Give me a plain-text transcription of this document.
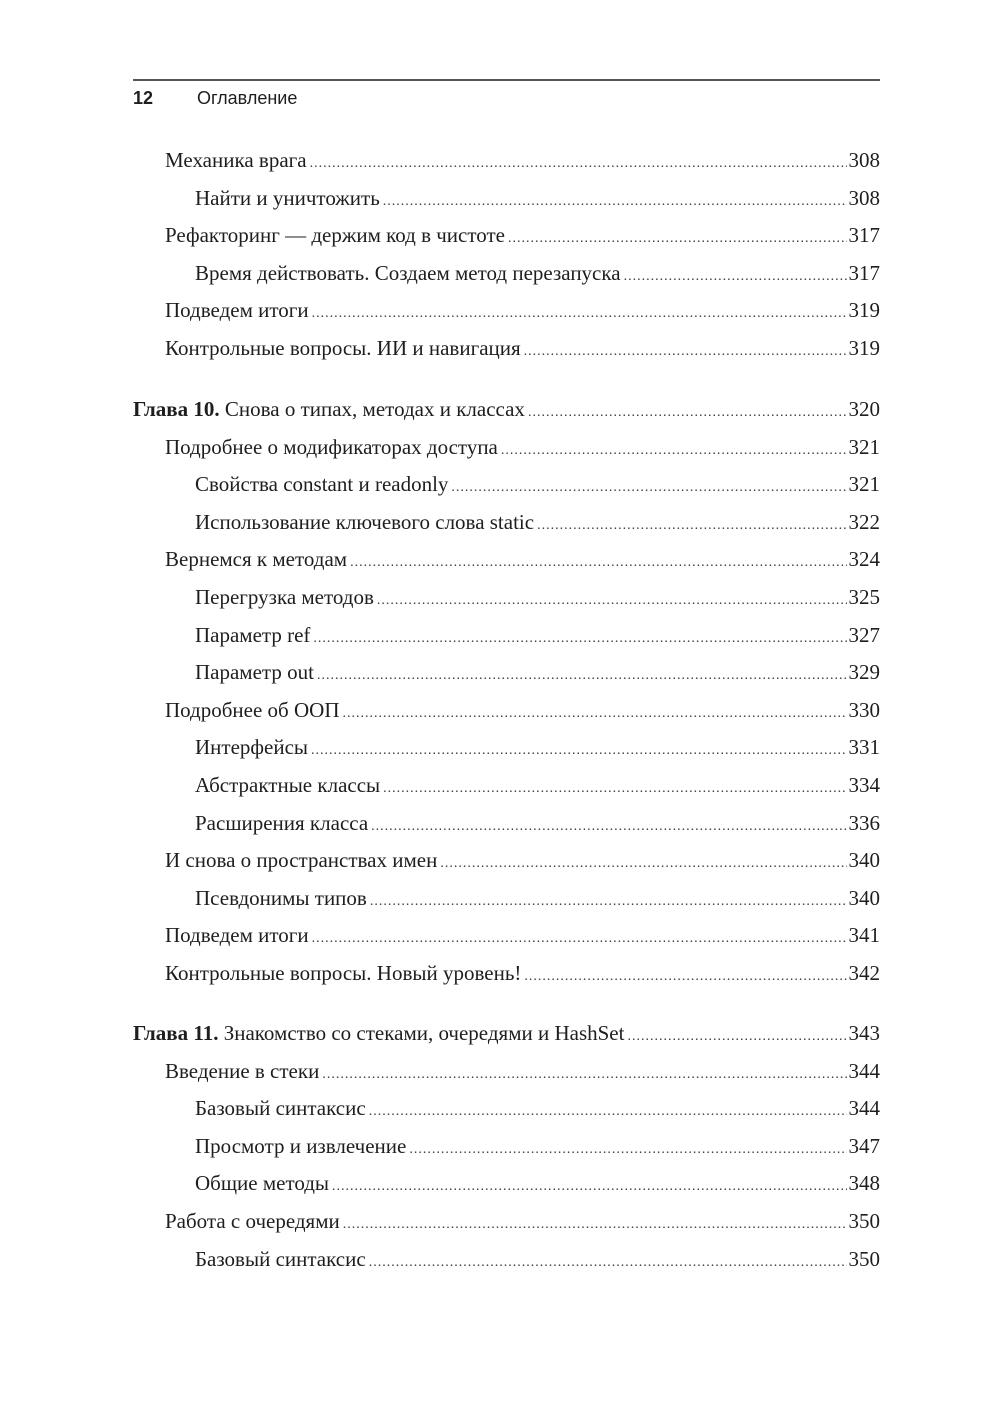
12 Оглавление
Механика врага .....	308
Найти и уничтожить .....	308
Рефакторинг — держим код в чистоте .....	317
Время действовать. Создаем метод перезапуска .....	317
Подведем итоги .....	319
Контрольные вопросы. ИИ и навигация .....	319
Глава 10. Снова о типах, методах и классах .....	320
Подробнее о модификаторах доступа .....	321
Свойства constant и readonly .....	321
Использование ключевого слова static .....	322
Вернемся к методам .....	324
Перегрузка методов .....	325
Параметр ref .....	327
Параметр out .....	329
Подробнее об ООП .....	330
Интерфейсы .....	331
Абстрактные классы .....	334
Расширения класса .....	336
И снова о пространствах имен .....	340
Псевдонимы типов .....	340
Подведем итоги .....	341
Контрольные вопросы. Новый уровень! .....	342
Глава 11. Знакомство со стеками, очередями и HashSet .....	343
Введение в стеки .....	344
Базовый синтаксис .....	344
Просмотр и извлечение .....	347
Общие методы .....	348
Работа с очередями .....	350
Базовый синтаксис .....	350
